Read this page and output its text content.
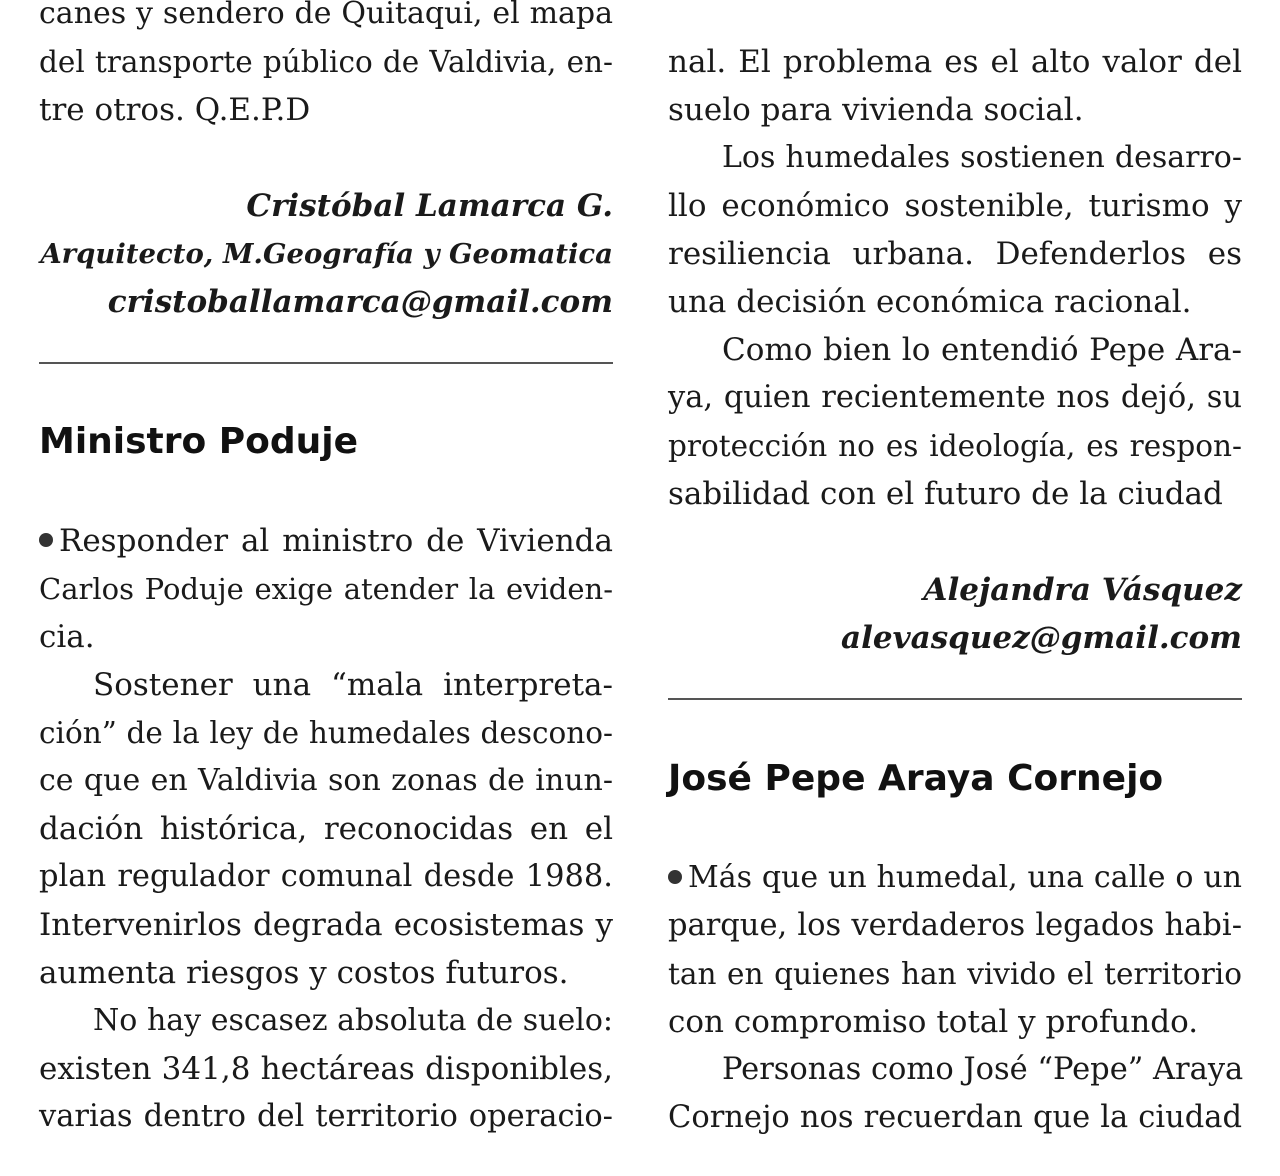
canes y sendero de Quitaqui, el mapa
del transporte público de Valdivia, en-
tre otros. Q.E.P.D
Cristóbal Lamarca G.
Arquitecto, M.Geografía y Geomatica
cristoballamarca@gmail.com
Ministro Poduje
Responder al ministro de Vivienda
Carlos Poduje exige atender la eviden-
cia.
Sostener una “mala interpreta-
ción” de la ley de humedales descono-
ce que en Valdivia son zonas de inun-
dación histórica, reconocidas en el
plan regulador comunal desde 1988.
Intervenirlos degrada ecosistemas y
aumenta riesgos y costos futuros.
No hay escasez absoluta de suelo:
existen 341,8 hectáreas disponibles,
varias dentro del territorio operacio-
nal. El problema es el alto valor del
suelo para vivienda social.
Los humedales sostienen desarro-
llo económico sostenible, turismo y
resiliencia urbana. Defenderlos es
una decisión económica racional.
Como bien lo entendió Pepe Ara-
ya, quien recientemente nos dejó, su
protección no es ideología, es respon-
sabilidad con el futuro de la ciudad
Alejandra Vásquez
alevasquez@gmail.com
José Pepe Araya Cornejo
Más que un humedal, una calle o un
parque, los verdaderos legados habi-
tan en quienes han vivido el territorio
con compromiso total y profundo.
Personas como José “Pepe” Araya
Cornejo nos recuerdan que la ciudad
